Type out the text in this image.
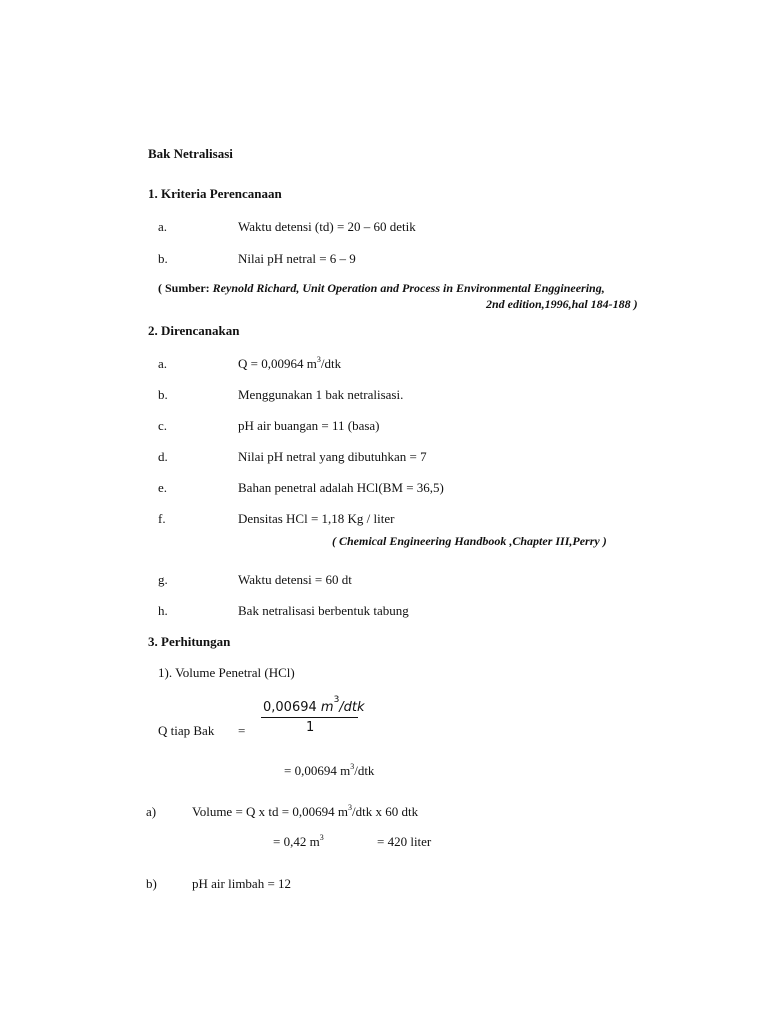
Bak Netralisasi
1. Kriteria Perencanaan
a.	Waktu detensi (td) = 20 – 60 detik
b.	Nilai pH netral = 6 – 9
( Sumber: Reynold Richard, Unit Operation and Process in Environmental Enggineering,
2nd edition,1996,hal 184-188 )
2. Direncanakan
a.	Q = 0,00964 $m^3$/dtk
b.	Menggunakan 1 bak netralisasi.
c.	pH air buangan = 11 (basa)
d.	Nilai pH netral yang dibutuhkan = 7
e.	Bahan penetral adalah HCl(BM = 36,5)
f.	Densitas HCl = 1,18 Kg / liter
( Chemical Engineering Handbook ,Chapter III,Perry )
g.	Waktu detensi = 60 dt
h.	Bak netralisasi berbentuk tabung
3. Perhitungan
1). Volume Penetral (HCl)
0,00694 $m^3$/dtk
1
Q tiap Bak =
= 0,00694 $m^3$/dtk
a)	Volume = Q x td = 0,00694 $m^3$/dtk x 60 dtk
= 0,42 $m^3$	= 420 liter
b)	pH air limbah = 12
